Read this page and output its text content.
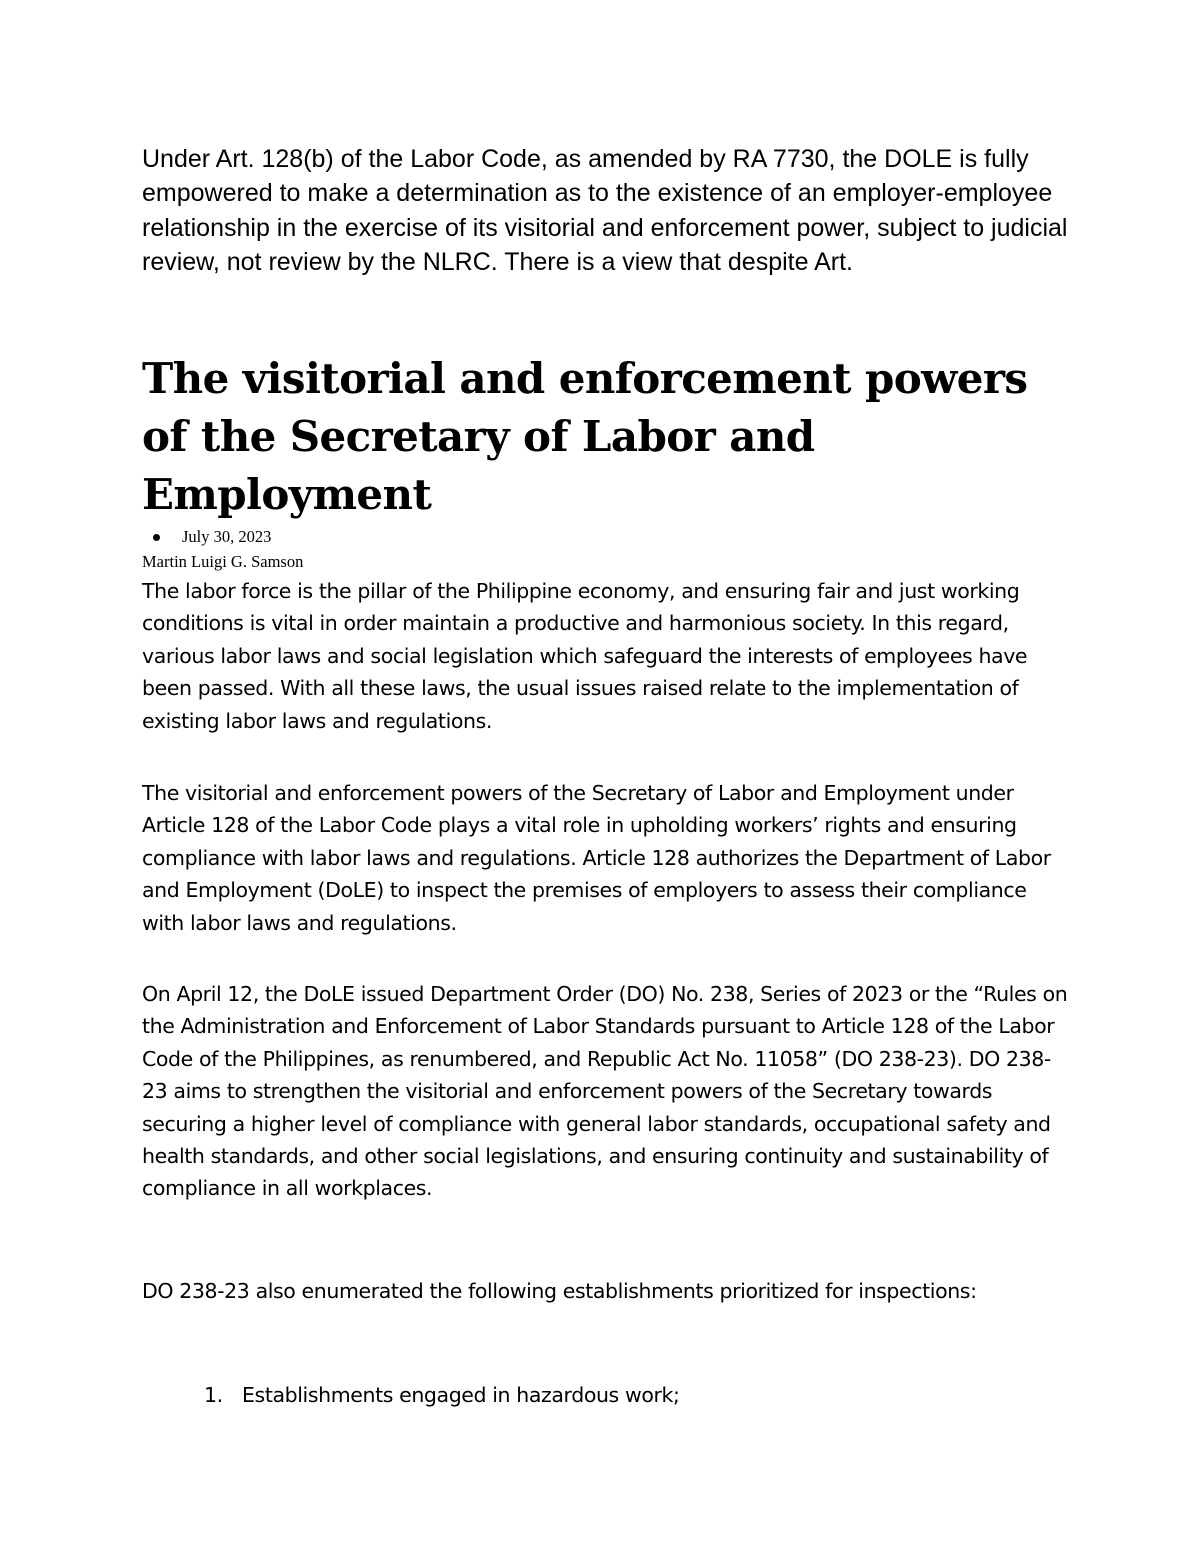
Under Art. 128(b) of the Labor Code, as amended by RA 7730, the DOLE is fully empowered to make a determination as to the existence of an employer-employee relationship in the exercise of its visitorial and enforcement power, subject to judicial review, not review by the NLRC. There is a view that despite Art.

The visitorial and enforcement powers of the Secretary of Labor and Employment
July 30, 2023
Martin Luigi G. Samson

The labor force is the pillar of the Philippine economy, and ensuring fair and just working conditions is vital in order maintain a productive and harmonious society. In this regard, various labor laws and social legislation which safeguard the interests of employees have been passed. With all these laws, the usual issues raised relate to the implementation of existing labor laws and regulations.

The visitorial and enforcement powers of the Secretary of Labor and Employment under Article 128 of the Labor Code plays a vital role in upholding workers’ rights and ensuring compliance with labor laws and regulations. Article 128 authorizes the Department of Labor and Employment (DoLE) to inspect the premises of employers to assess their compliance with labor laws and regulations.

On April 12, the DoLE issued Department Order (DO) No. 238, Series of 2023 or the “Rules on the Administration and Enforcement of Labor Standards pursuant to Article 128 of the Labor Code of the Philippines, as renumbered, and Republic Act No. 11058” (DO 238-23). DO 238-23 aims to strengthen the visitorial and enforcement powers of the Secretary towards securing a higher level of compliance with general labor standards, occupational safety and health standards, and other social legislations, and ensuring continuity and sustainability of compliance in all workplaces.

DO 238-23 also enumerated the following establishments prioritized for inspections:

1. Establishments engaged in hazardous work;
